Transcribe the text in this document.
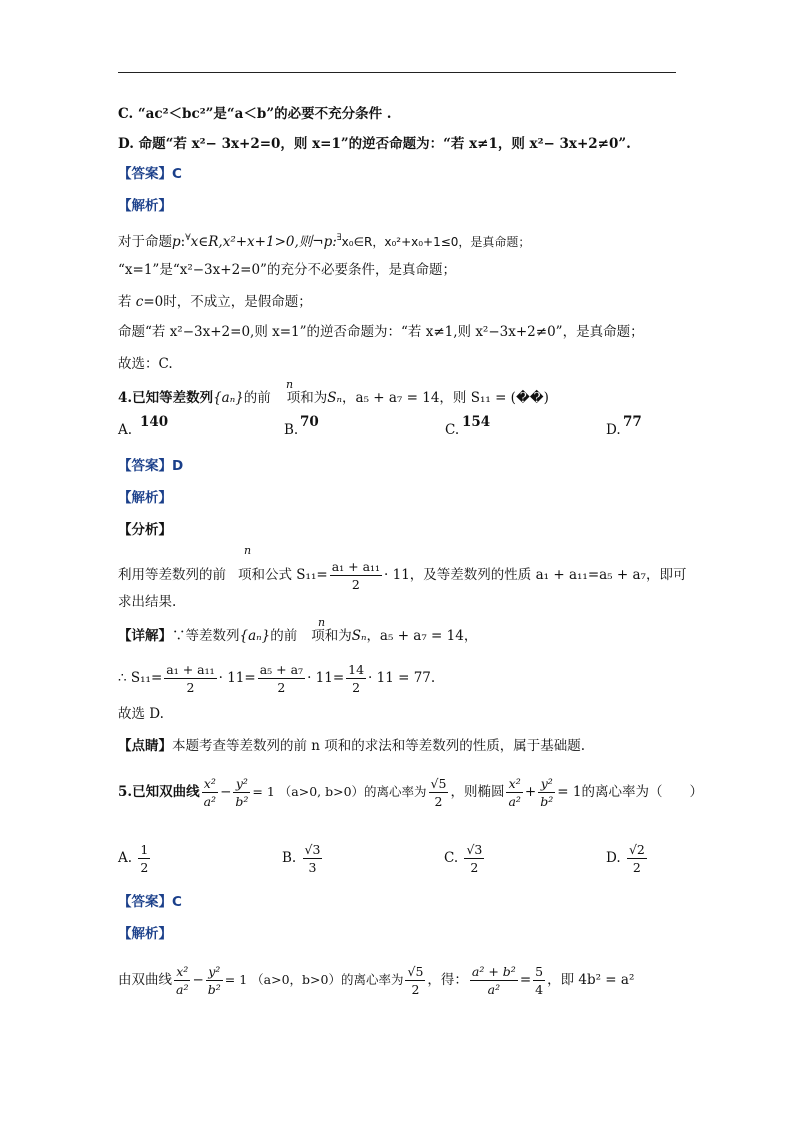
C. “ac²＜bc²”是“a＜b”的必要不充分条件 .
D. 命题“若 x²− 3x+2=0，则 x=1”的逆否命题为：“若 x≠1，则 x²− 3x+2≠0”.
【答案】C
【解析】
对于命题p:∀x∈R,x²+x+1>0,则¬p:∃x₀∈R，x₀²+x₀+1≤0，是真命题；
“x=1”是“x²−3x+2=0”的充分不必要条件，是真命题；
若 c=0时，不成立，是假命题；
命题“若 x²−3x+2=0,则 x=1”的逆否命题为：“若 x≠1,则 x²−3x+2≠0”，是真命题；
故选：C.
n
4.已知等差数列{aₙ}的前 项和为Sₙ，a₅ + a₇ = 14，则 S₁₁ = (��)
A. 140	B. 70	C. 154	D. 77
【答案】D
【解析】
【分析】
n
利用等差数列的前 项和公式 $S_{11}= \frac{\text{a₁ + a₁₁}}{2} \cdot 11$，及等差数列的性质 a₁ + a₁₁=a₅ + a₇，即可
求出结果.
n
【详解】∵等差数列{aₙ}的前 项和为Sₙ，a₅ + a₇ = 14，
∴ $S_{11}= \frac{\text{a₁ + a₁₁}}{2} \cdot 11= \frac{\text{a₅ + a₇}}{2} \cdot 11= \frac{14}{2} \cdot 11 = 77$.
故选 D.
【点睛】本题考查等差数列的前 n 项和的求法和等差数列的性质，属于基础题.
5.已知双曲线 $\frac{\text{x²}}{\text{a²}} - \frac{\text{y²}}{\text{b²}} = 1$ （a>0, b>0）的离心率为 $\frac{√5}{2}$ ，则椭圆 $\frac{\text{x²}}{\text{a²}} + \frac{\text{y²}}{\text{b²}} = 1$的离心率为（　　）
A. $\frac{1}{2}$	B. $\frac{√3}{3}$	C. $\frac{√3}{2}$	D. $\frac{√2}{2}$
【答案】C
【解析】
由双曲线 $\frac{\text{x²}}{\text{a²}} - \frac{\text{y²}}{\text{b²}} = 1$ （a>0，b>0）的离心率为 $\frac{√5}{2}$ ，得： $\frac{\text{a² + b²}}{\text{a²}} = \frac{5}{4}$ ，即 4b² = a²
